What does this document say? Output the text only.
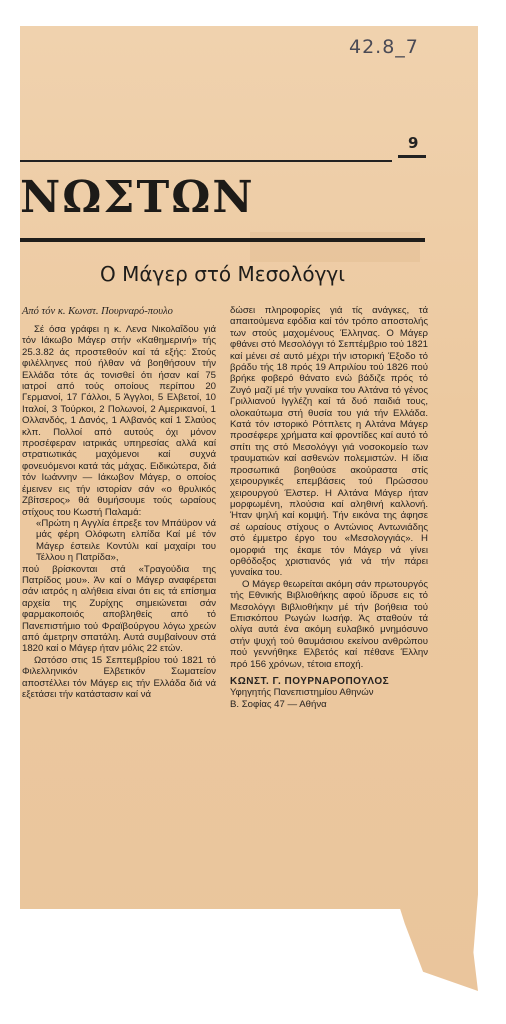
42.8_7
9
ΝΩΣΤΩΝ
Ο Μάγερ στό Μεσολόγγι

Από τόν κ. Κωνστ. Πουρναρό-πουλο

Σέ όσα γράφει η κ. Λενα Νικολαΐδου γιά τόν Ιάκωβο Μάγερ στήν «Καθημερινή» τής 25.3.82 άς προστεθούν καί τά εξής: Στούς φιλέλληνες πού ήλθαν νά βοηθήσουν τήν Ελλάδα τότε άς τονισθεί ότι ήσαν καί 75 ιατροί από τούς οποίους περίπου 20 Γερμανοί, 17 Γάλλοι, 5 Άγγλοι, 5 Ελβετοί, 10 Ιταλοί, 3 Τούρκοι, 2 Πολωνοί, 2 Αμερικανοί, 1 Ολλανδός, 1 Δανός, 1 Αλβανός καί 1 Σλαύος κλπ. Πολλοί από αυτούς όχι μόνον προσέφεραν ιατρικάς υπηρεσίας αλλά καί στρατιωτικάς μαχόμενοι καί συχνά φονευόμενοι κατά τάς μάχας. Ειδικώτερα, διά τόν Ιωάννην — Ιάκωβον Μάγερ, ο οποίος έμεινεν εις τήν ιστορίαν σάν «ο θρυλικός Ζβίτσερος» θά θυμήσουμε τούς ωραίους στίχους του Κωστή Παλαμά:

«Πρώτη η Αγγλία έπρεξε τον Μπάϋρον νά μάς φέρη Ολόφωτη ελπίδα Καί μέ τόν Μάγερ έστειλε Κοντύλι καί μαχαίρι του Τέλλου η Πατρίδα»,

πού βρίσκονται στά «Τραγούδια της Πατρίδος μου». Άν καί ο Μάγερ αναφέρεται σάν ιατρός η αλήθεια είναι ότι εις τά επίσημα αρχεία της Ζυρίχης σημειώνεται σάν φαρμακοποιός αποβληθείς από τό Πανεπιστήμιο τού Φραϊβούργου λόγω χρεών από άμετρην σπατάλη. Αυτά συμβαίνουν στά 1820 καί ο Μάγερ ήταν μόλις 22 ετών.

Ωστόσο στις 15 Σεπτεμβρίου τού 1821 τό Φιλελληνικόν Ελβετικόν Σωματείον αποστέλλει τόν Μάγερ εις τήν Ελλάδα διά νά εξετάσει τήν κατάστασιν καί νά

δώσει πληροφορίες γιά τίς ανάγκες, τά απαιτούμενα εφόδια καί τόν τρόπο αποστολής των στούς μαχομένους Έλληνας. Ο Μάγερ φθάνει στό Μεσολόγγι τό Σεπτέμβριο τού 1821 καί μένει σέ αυτό μέχρι τήν ιστορική Έξοδο τό βράδυ τής 18 πρός 19 Απριλίου τού 1826 πού βρήκε φοβερό θάνατο ενώ βάδιζε πρός τό Ζυγό μαζί μέ τήν γυναίκα του Αλτάνα τό γένος Γριλλιανού Ιγγλέζη καί τά δυό παιδιά τους, ολοκαύτωμα στή θυσία του γιά τήν Ελλάδα. Κατά τόν ιστορικό Ρότπλετς η Αλτάνα Μάγερ προσέφερε χρήματα καί φροντίδες καί αυτό τό σπίτι της στό Μεσολόγγι γιά νοσοκομείο των τραυματιών καί ασθενών πολεμιστών. Η ίδια προσωπικά βοηθούσε ακούραστα στίς χειρουργικές επεμβάσεις τού Πρώσσου χειρουργού Έλστερ. Η Αλτάνα Μάγερ ήταν μορφωμένη, πλούσια καί αληθινή καλλονή. Ήταν ψηλή καί κομψή. Τήν εικόνα της άφησε σέ ωραίους στίχους ο Αντώνιος Αντωνιάδης στό έμμετρο έργο του «Μεσολογγιάς». Η ομορφιά της έκαμε τόν Μάγερ νά γίνει ορθόδοξος χριστιανός γιά νά τήν πάρει γυναίκα του.

Ο Μάγερ θεωρείται ακόμη σάν πρωτουργός τής Εθνικής Βιβλιοθήκης αφού ίδρυσε εις τό Μεσολόγγι Βιβλιοθήκην μέ τήν βοήθεια τού Επισκόπου Ρωγών Ιωσήφ. Άς σταθούν τά ολίγα αυτά ένα ακόμη ευλαβικό μνημόσυνο στήν ψυχή τού θαυμάσιου εκείνου ανθρώπου πού γεννήθηκε Ελβετός καί πέθανε Έλλην πρό 156 χρόνων, τέτοια εποχή.

ΚΩΝΣΤ. Γ. ΠΟΥΡΝΑΡΟΠΟΥΛΟΣ

Υφηγητής Πανεπιστημίου Αθηνών

Β. Σοφίας 47 — Αθήνα
